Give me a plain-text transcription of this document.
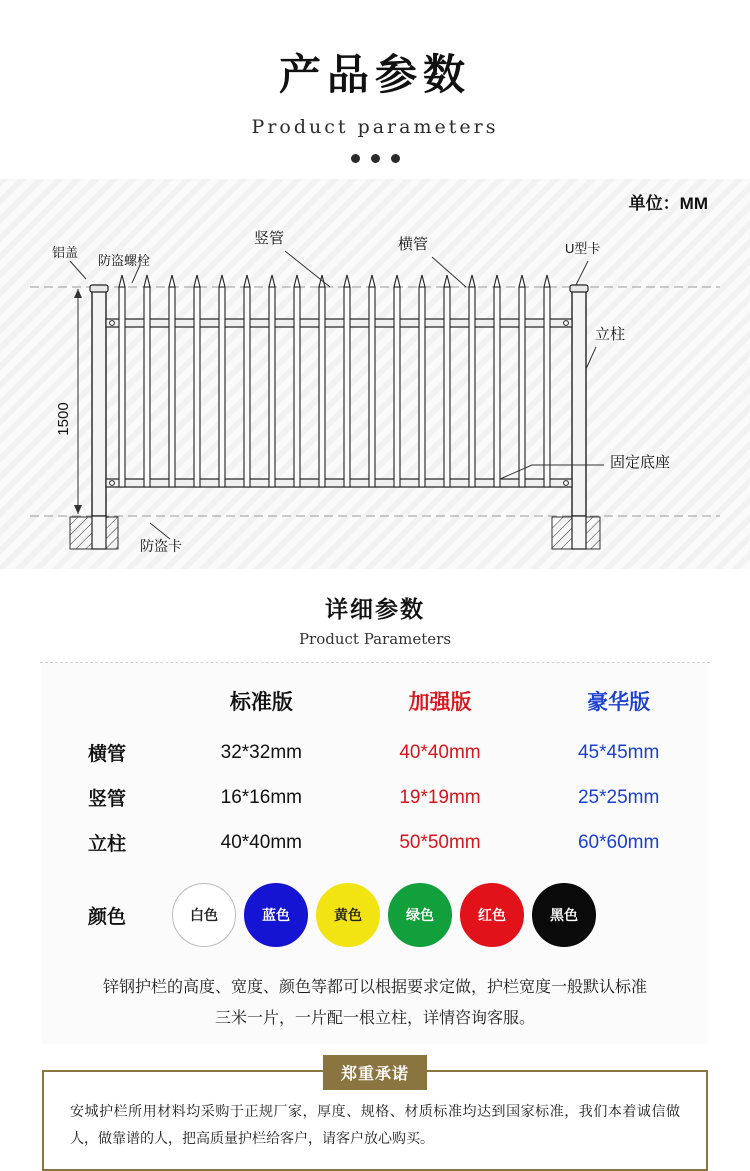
产品参数
Product parameters
单位：MM
1500
铝盖
防盗螺栓
竖管	横管	U型卡
立柱
固定底座
防盗卡
详细参数
Product Parameters
	标准版	加强版	豪华版
横管	32*32mm	40*40mm	45*45mm
竖管	16*16mm	19*19mm	25*25mm
立柱	40*40mm	50*50mm	60*60mm
颜色	白色	蓝色	黄色	绿色	红色	黑色
锌钢护栏的高度、宽度、颜色等都可以根据要求定做，护栏宽度一般默认标准
三米一片，一片配一根立柱，详情咨询客服。
郑重承诺
安城护栏所用材料均采购于正规厂家，厚度、规格、材质标准均达到国家标准，我们本着诚信做人，做靠谱的人，把高质量护栏给客户，请客户放心购买。
